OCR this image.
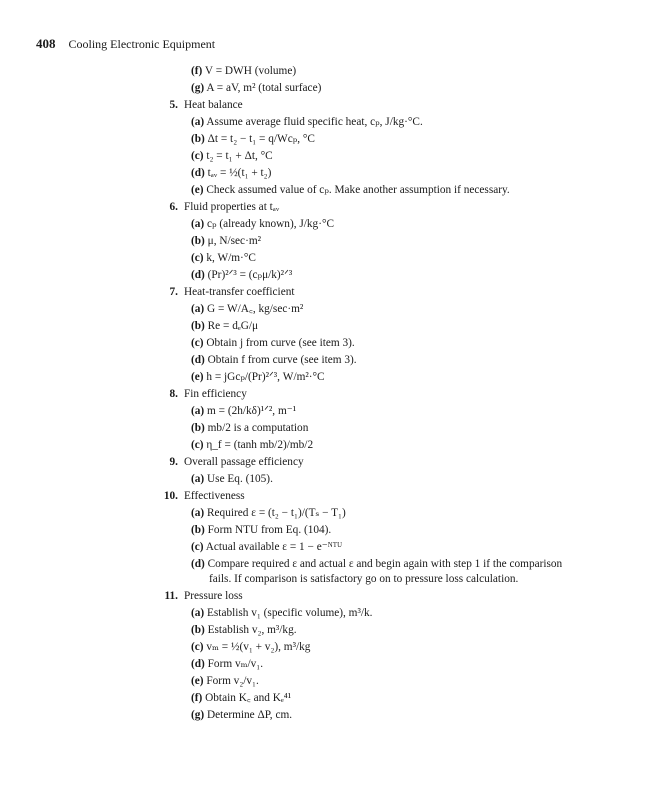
408 Cooling Electronic Equipment
(f) V = DWH (volume)
(g) A = aV, m² (total surface)
5. Heat balance
(a) Assume average fluid specific heat, cₚ, J/kg·°C.
(b) Δt = t₂ − t₁ = q/Wcₚ, °C
(c) t₂ = t₁ + Δt, °C
(d) tₐᵥ = ½(t₁ + t₂)
(e) Check assumed value of cₚ. Make another assumption if necessary.
6. Fluid properties at tₐᵥ
(a) cₚ (already known), J/kg·°C
(b) μ, N/sec·m²
(c) k, W/m·°C
(d) (Pr)²ᐟ³ = (cₚμ/k)²ᐟ³
7. Heat-transfer coefficient
(a) G = W/A꜀, kg/sec·m²
(b) Re = dₑG/μ
(c) Obtain j from curve (see item 3).
(d) Obtain f from curve (see item 3).
(e) h = jGcₚ/(Pr)²ᐟ³, W/m²·°C
8. Fin efficiency
(a) m = (2h/kδ)¹ᐟ², m⁻¹
(b) mb/2 is a computation
(c) η_f = (tanh mb/2)/mb/2
9. Overall passage efficiency
(a) Use Eq. (105).
10. Effectiveness
(a) Required ε = (t₂ − t₁)/(Tₛ − T₁)
(b) Form NTU from Eq. (104).
(c) Actual available ε = 1 − e⁻ᴺᵀᵁ
(d) Compare required ε and actual ε and begin again with step 1 if the comparison
fails. If comparison is satisfactory go on to pressure loss calculation.
11. Pressure loss
(a) Establish v₁ (specific volume), m³/k.
(b) Establish v₂, m³/kg.
(c) vₘ = ½(v₁ + v₂), m³/kg
(d) Form vₘ/v₁.
(e) Form v₂/v₁.
(f) Obtain K꜀ and Kₑ⁴¹
(g) Determine ΔP, cm.
